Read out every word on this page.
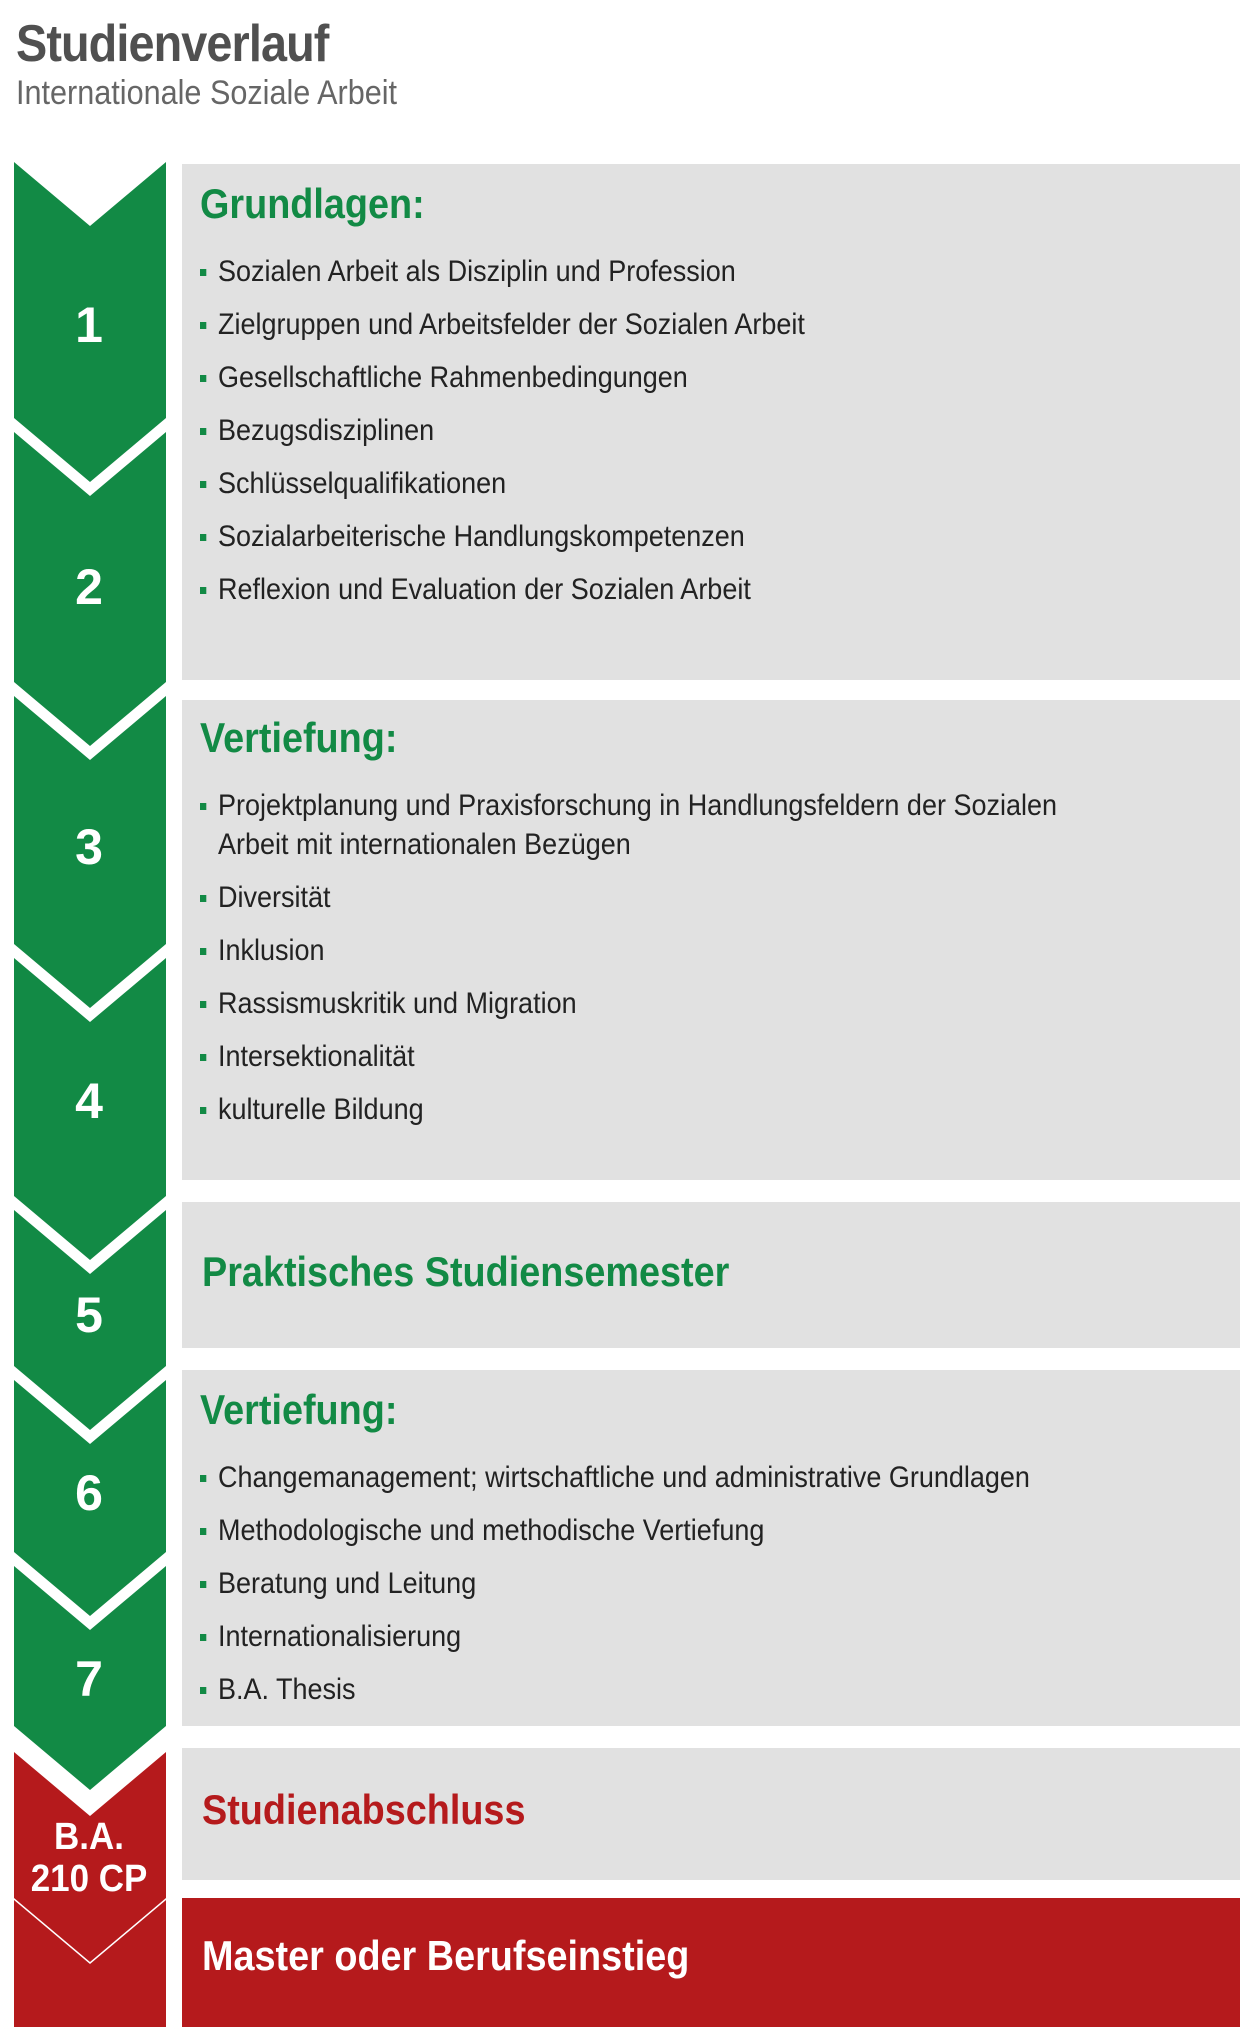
Studienverlauf
Internationale Soziale Arbeit
1
2
3
4
5
6
7
B.A.
210 CP
Grundlagen:
Sozialen Arbeit als Disziplin und Profession
Zielgruppen und Arbeitsfelder der Sozialen Arbeit
Gesellschaftliche Rahmenbedingungen
Bezugsdisziplinen
Schlüsselqualifikationen
Sozialarbeiterische Handlungskompetenzen
Reflexion und Evaluation der Sozialen Arbeit
Vertiefung:
Projektplanung und Praxisforschung in Handlungsfeldern der Sozialen Arbeit mit internationalen Bezügen
Diversität
Inklusion
Rassismuskritik und Migration
Intersektionalität
kulturelle Bildung
Praktisches Studiensemester
Vertiefung:
Changemanagement; wirtschaftliche und administrative Grundlagen
Methodologische und methodische Vertiefung
Beratung und Leitung
Internationalisierung
B.A. Thesis
Studienabschluss
Master oder Berufseinstieg
